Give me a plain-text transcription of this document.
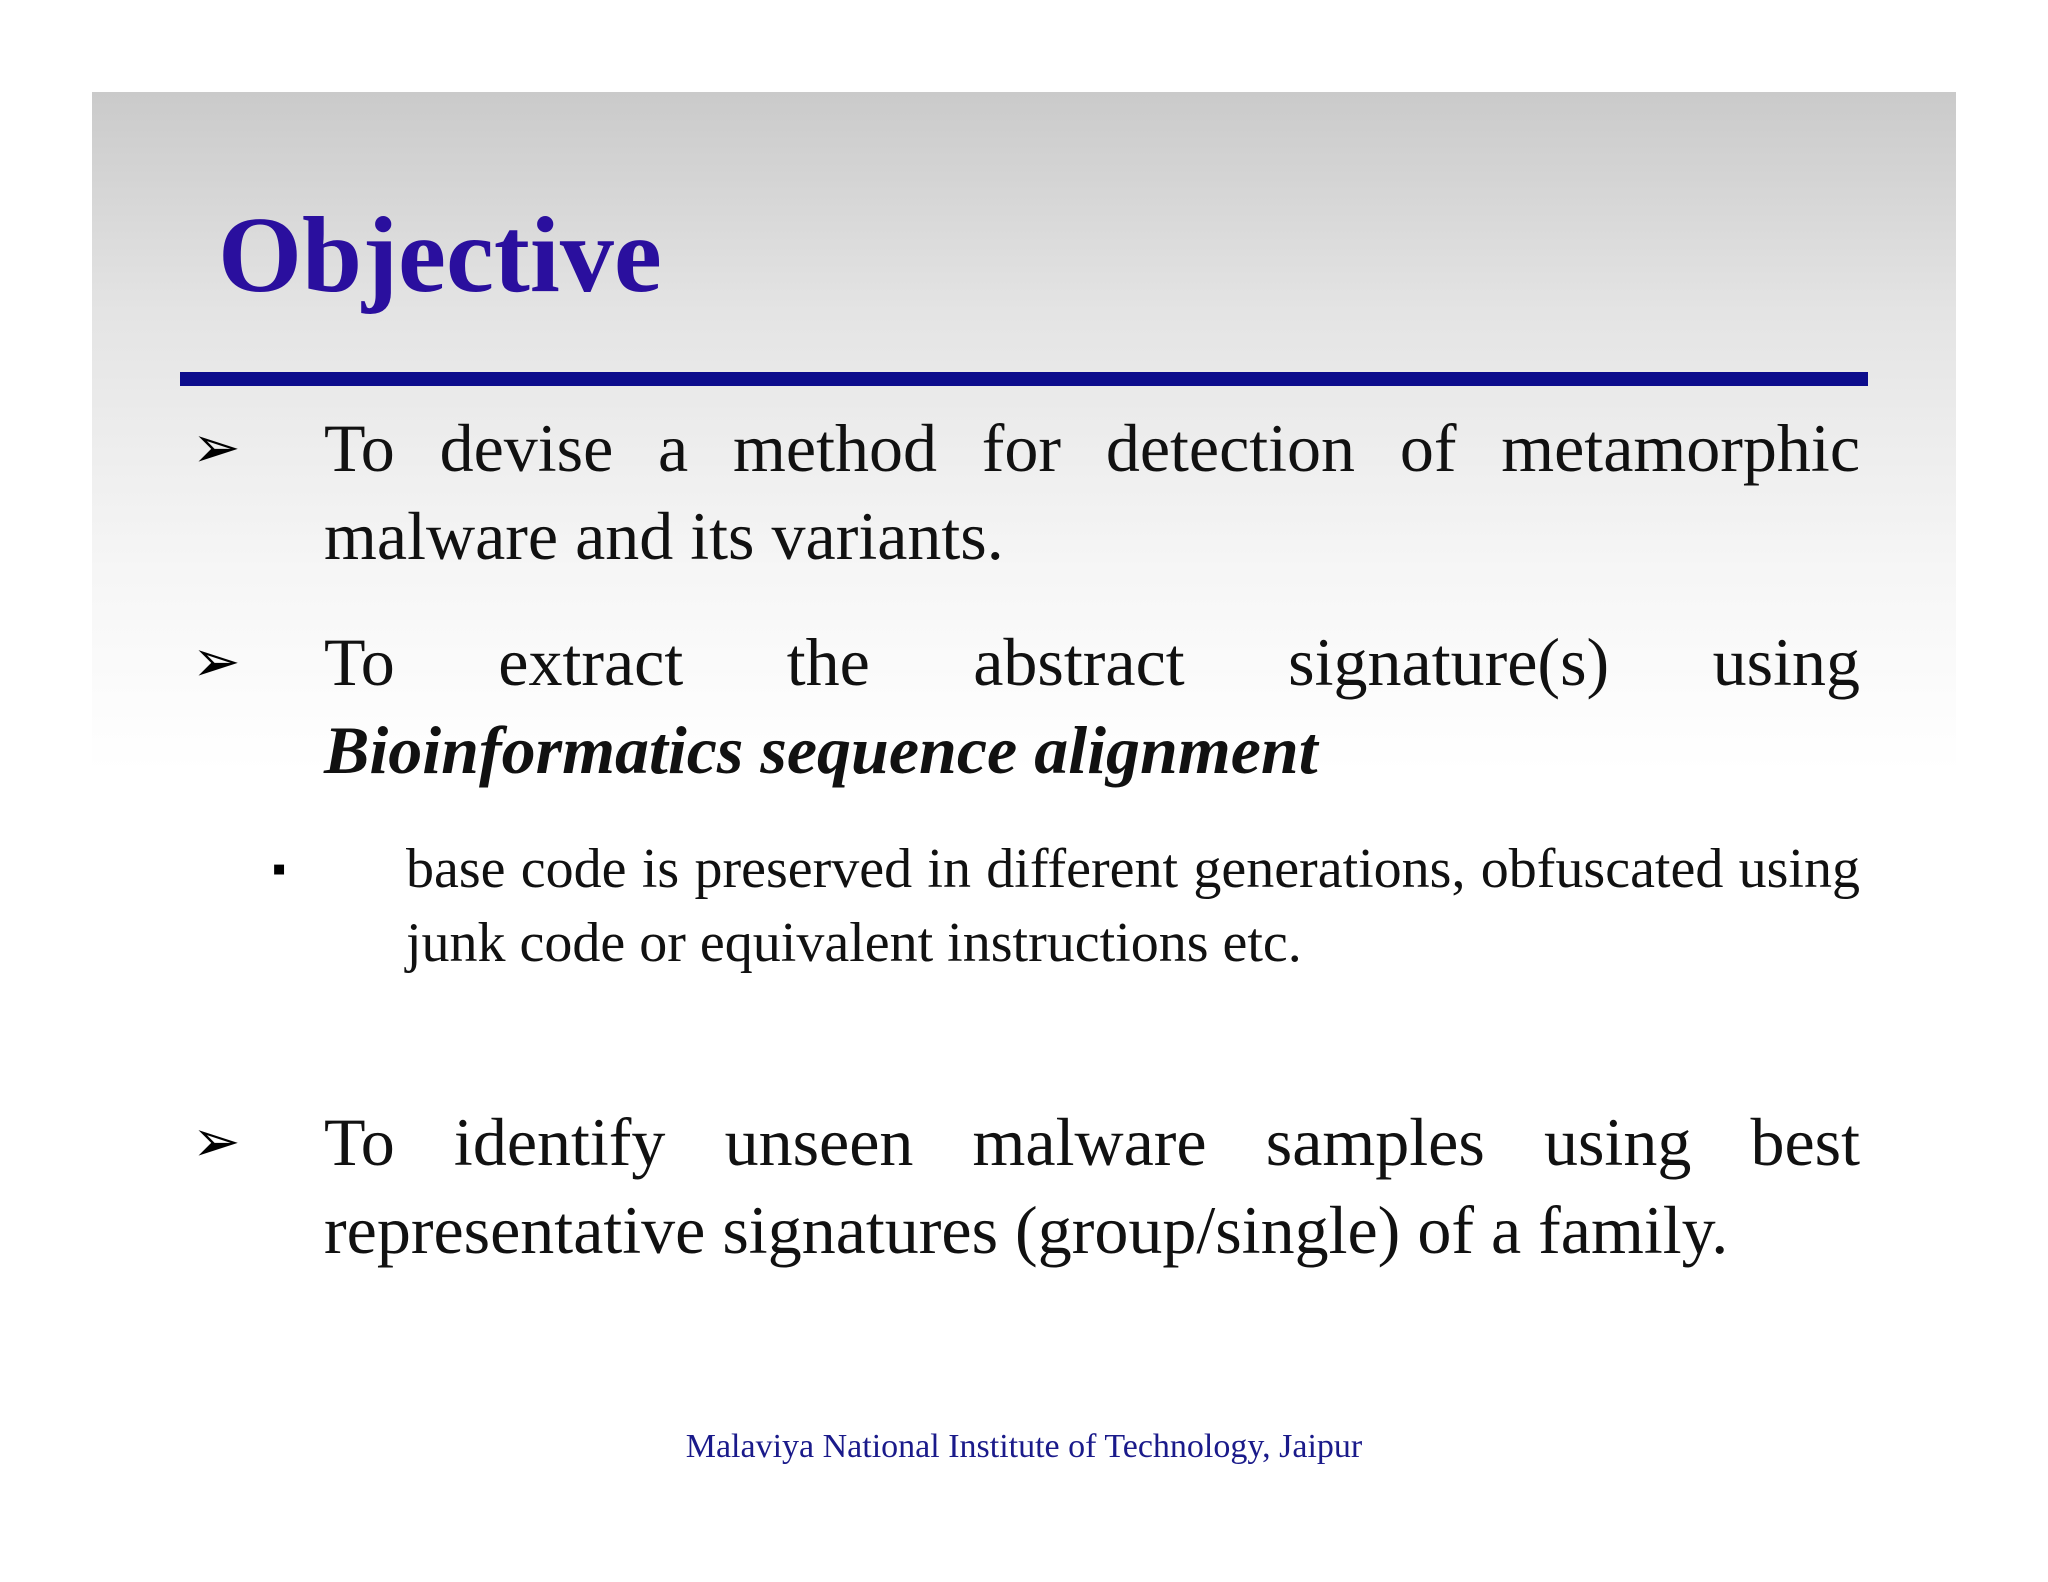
Objective
➢ To devise a method for detection of metamorphic malware and its variants.
➢ To extract the abstract signature(s) using
Bioinformatics sequence alignment
▪ base code is preserved in different generations, obfuscated using junk code or equivalent instructions etc.
➢ To identify unseen malware samples using best representative signatures (group/single) of a family.
Malaviya National Institute of Technology, Jaipur
